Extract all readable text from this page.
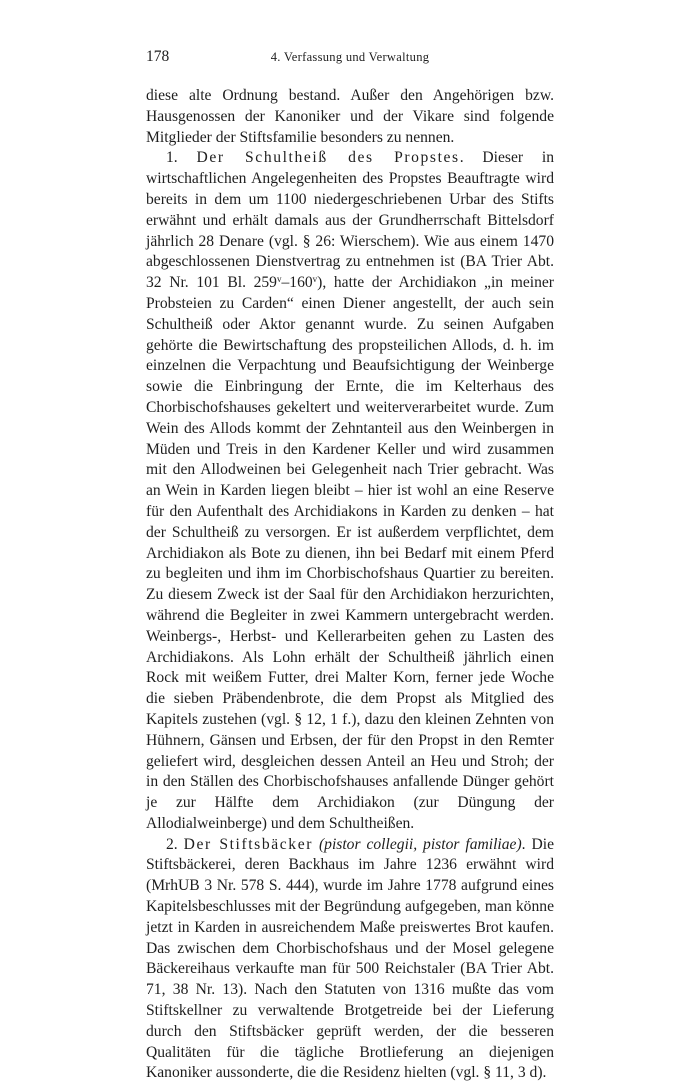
178	4. Verfassung und Verwaltung

diese alte Ordnung bestand. Außer den Angehörigen bzw. Hausgenossen der Kanoniker und der Vikare sind folgende Mitglieder der Stiftsfamilie besonders zu nennen.

1. Der Schultheiß des Propstes. Dieser in wirtschaftlichen Angelegenheiten des Propstes Beauftragte wird bereits in dem um 1100 niedergeschriebenen Urbar des Stifts erwähnt und erhält damals aus der Grundherrschaft Bittelsdorf jährlich 28 Denare (vgl. § 26: Wierschem). Wie aus einem 1470 abgeschlossenen Dienstvertrag zu entnehmen ist (BA Trier Abt. 32 Nr. 101 Bl. 259$^v$–160$^v$), hatte der Archidiakon „in meiner Probsteien zu Carden“ einen Diener angestellt, der auch sein Schultheiß oder Aktor genannt wurde. Zu seinen Aufgaben gehörte die Bewirtschaftung des propsteilichen Allods, d. h. im einzelnen die Verpachtung und Beaufsichtigung der Weinberge sowie die Einbringung der Ernte, die im Kelterhaus des Chorbischofshauses gekeltert und weiterverarbeitet wurde. Zum Wein des Allods kommt der Zehntanteil aus den Weinbergen in Müden und Treis in den Kardener Keller und wird zusammen mit den Allodweinen bei Gelegenheit nach Trier gebracht. Was an Wein in Karden liegen bleibt – hier ist wohl an eine Reserve für den Aufenthalt des Archidiakons in Karden zu denken – hat der Schultheiß zu versorgen. Er ist außerdem verpflichtet, dem Archidiakon als Bote zu dienen, ihn bei Bedarf mit einem Pferd zu begleiten und ihm im Chorbischofshaus Quartier zu bereiten. Zu diesem Zweck ist der Saal für den Archidiakon herzurichten, während die Begleiter in zwei Kammern untergebracht werden. Weinbergs-, Herbst- und Kellerarbeiten gehen zu Lasten des Archidiakons. Als Lohn erhält der Schultheiß jährlich einen Rock mit weißem Futter, drei Malter Korn, ferner jede Woche die sieben Präbendenbrote, die dem Propst als Mitglied des Kapitels zustehen (vgl. § 12, 1 f.), dazu den kleinen Zehnten von Hühnern, Gänsen und Erbsen, der für den Propst in den Remter geliefert wird, desgleichen dessen Anteil an Heu und Stroh; der in den Ställen des Chorbischofshauses anfallende Dünger gehört je zur Hälfte dem Archidiakon (zur Düngung der Allodialweinberge) und dem Schultheißen.

2. Der Stiftsbäcker (pistor collegii, pistor familiae). Die Stiftsbäckerei, deren Backhaus im Jahre 1236 erwähnt wird (MrhUB 3 Nr. 578 S. 444), wurde im Jahre 1778 aufgrund eines Kapitelsbeschlusses mit der Begründung aufgegeben, man könne jetzt in Karden in ausreichendem Maße preiswertes Brot kaufen. Das zwischen dem Chorbischofshaus und der Mosel gelegene Bäckereihaus verkaufte man für 500 Reichstaler (BA Trier Abt. 71, 38 Nr. 13). Nach den Statuten von 1316 mußte das vom Stiftskellner zu verwaltende Brotgetreide bei der Lieferung durch den Stiftsbäcker geprüft werden, der die besseren Qualitäten für die tägliche Brotlieferung an diejenigen Kanoniker aussonderte, die die Residenz hielten (vgl. § 11, 3 d).
